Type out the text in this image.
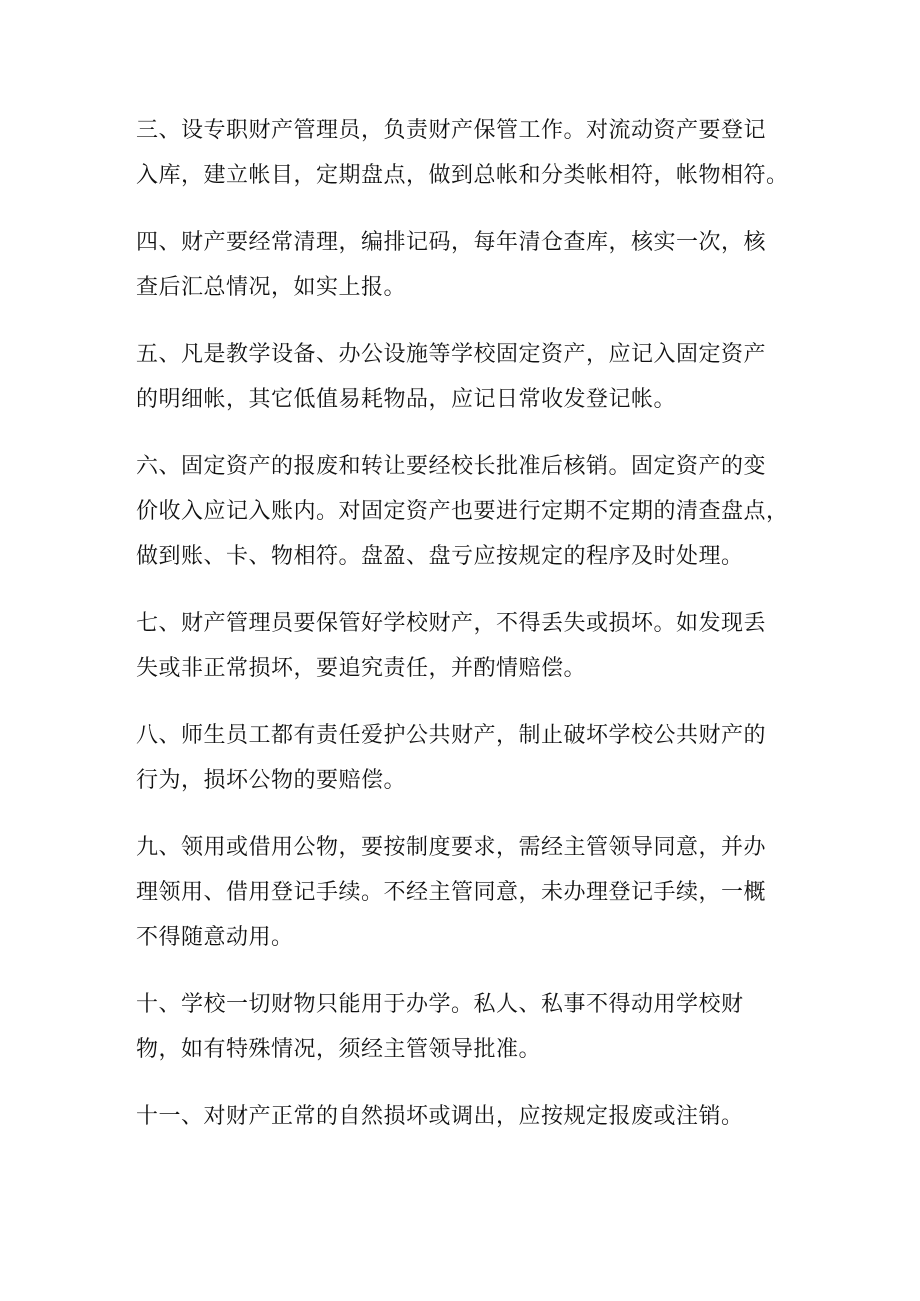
三、设专职财产管理员，负责财产保管工作。对流动资产要登记
入库，建立帐目，定期盘点，做到总帐和分类帐相符，帐物相符。
四、财产要经常清理，编排记码，每年清仓查库，核实一次，核
查后汇总情况，如实上报。
五、凡是教学设备、办公设施等学校固定资产，应记入固定资产
的明细帐，其它低值易耗物品，应记日常收发登记帐。
六、固定资产的报废和转让要经校长批准后核销。固定资产的变
价收入应记入账内。对固定资产也要进行定期不定期的清查盘点，
做到账、卡、物相符。盘盈、盘亏应按规定的程序及时处理。
七、财产管理员要保管好学校财产，不得丢失或损坏。如发现丢
失或非正常损坏，要追究责任，并酌情赔偿。
八、师生员工都有责任爱护公共财产，制止破坏学校公共财产的
行为，损坏公物的要赔偿。
九、领用或借用公物，要按制度要求，需经主管领导同意，并办
理领用、借用登记手续。不经主管同意，未办理登记手续，一概
不得随意动用。
十、学校一切财物只能用于办学。私人、私事不得动用学校财
物，如有特殊情况，须经主管领导批准。
十一、对财产正常的自然损坏或调出，应按规定报废或注销。
